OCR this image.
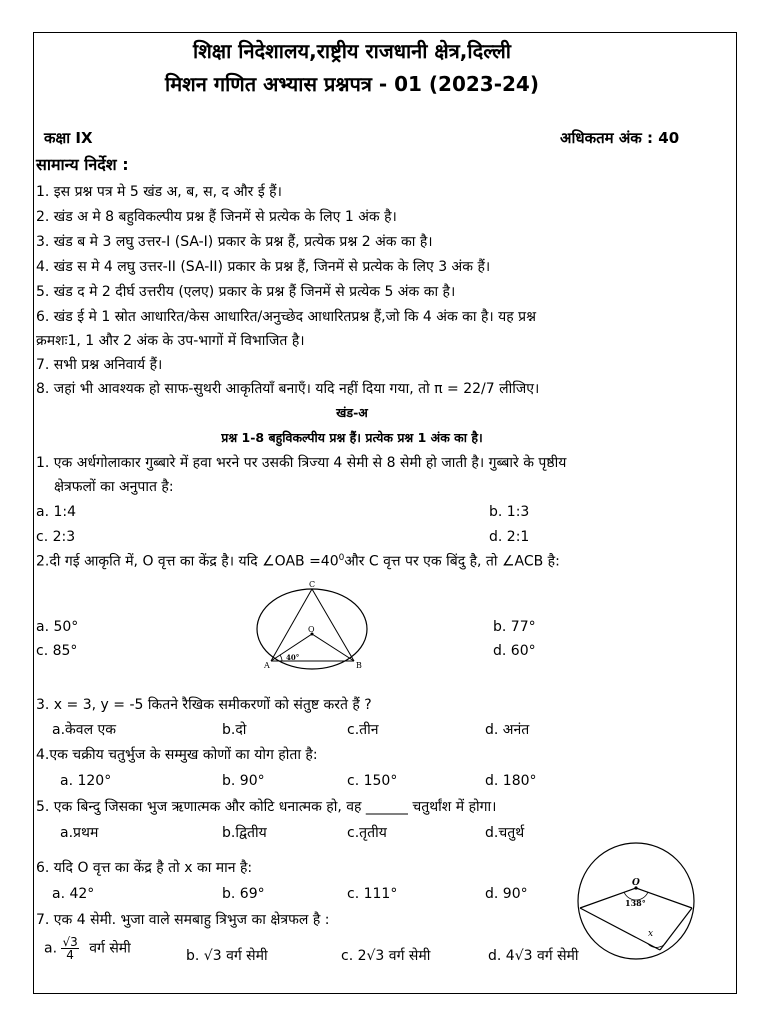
शिक्षा निदेशालय,राष्ट्रीय राजधानी क्षेत्र,दिल्ली
मिशन गणित अभ्यास प्रश्नपत्र - 01 (2023-24)
कक्षा IX	अधिकतम अंक : 40
सामान्य निर्देश :
1. इस प्रश्न पत्र मे 5 खंड अ, ब, स, द और ई हैं।
2. खंड अ मे 8 बहुविकल्पीय प्रश्न हैं जिनमें से प्रत्येक के लिए 1 अंक है।
3. खंड ब मे 3 लघु उत्तर-I (SA-I) प्रकार के प्रश्न हैं, प्रत्येक प्रश्न 2 अंक का है।
4. खंड स मे 4 लघु उत्तर-II (SA-II) प्रकार के प्रश्न हैं, जिनमें से प्रत्येक के लिए 3 अंक हैं।
5. खंड द मे 2 दीर्घ उत्तरीय (एलए) प्रकार के प्रश्न हैं जिनमें से प्रत्येक 5 अंक का है।
6. खंड ई मे 1 स्रोत आधारित/केस आधारित/अनुच्छेद आधारितप्रश्न हैं,जो कि 4 अंक का है। यह प्रश्न
क्रमशः1, 1 और 2 अंक के उप-भागों में विभाजित है।
7. सभी प्रश्न अनिवार्य हैं।
8. जहां भी आवश्यक हो साफ-सुथरी आकृतियाँ बनाएँ। यदि नहीं दिया गया, तो π = 22/7 लीजिए।
खंड-अ
प्रश्न 1-8 बहुविकल्पीय प्रश्न हैं। प्रत्येक प्रश्न 1 अंक का है।
1. एक अर्धगोलाकार गुब्बारे में हवा भरने पर उसकी त्रिज्या 4 सेमी से 8 सेमी हो जाती है। गुब्बारे के पृष्ठीय
क्षेत्रफलों का अनुपात है:
a. 1:4	b. 1:3
c. 2:3	d. 2:1
2.दी गई आकृति में, O वृत्त का केंद्र है। यदि ∠OAB $=40^0और$ C वृत्त पर एक बिंदु है, तो ∠ACB है:
C
O
A	B
40°
a. 50°	b. 77°
c. 85°	d. 60°
3. x = 3, y = -5 कितने रैखिक समीकरणों को संतुष्ट करते हैं ?
a.केवल एक	b.दो	c.तीन	d. अनंत
4.एक चक्रीय चतुर्भुज के सम्मुख कोणों का योग होता है:
a. 120°	b. 90°	c. 150°	d. 180°
5. एक बिन्दु जिसका भुज ऋणात्मक और कोटि धनात्मक हो, वह ______ चतुर्थांश में होगा।
a.प्रथम	b.द्वितीय	c.तृतीय	d.चतुर्थ
6. यदि O वृत्त का केंद्र है तो x का मान है:
a. 42°	b. 69°	c. 111°	d. 90°
O
138°
x
7. एक 4 सेमी. भुजा वाले समबाहु त्रिभुज का क्षेत्रफल है :
a. $\frac{√3}{4}$ वर्ग सेमी	b. √3 वर्ग सेमी	c. 2√3 वर्ग सेमी	d. 4√3 वर्ग सेमी
